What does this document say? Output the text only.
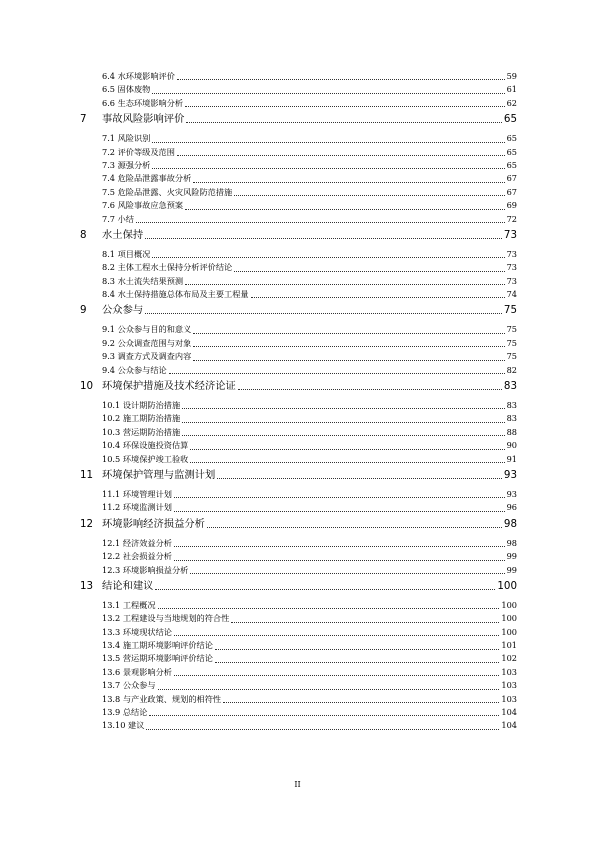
6.4 水环境影响评价	59
6.5 固体废物	61
6.6 生态环境影响分析	62
7	事故风险影响评价	65
7.1 风险识别	65
7.2 评价等级及范围	65
7.3 源强分析	65
7.4 危险品泄露事故分析	67
7.5 危险品泄露、火灾风险防范措施	67
7.6 风险事故应急预案	69
7.7 小结	72
8	水土保持	73
8.1 项目概况	73
8.2 主体工程水土保持分析评价结论	73
8.3 水土流失结果预测	73
8.4 水土保持措施总体布局及主要工程量	74
9	公众参与	75
9.1 公众参与目的和意义	75
9.2 公众调查范围与对象	75
9.3 调查方式及调查内容	75
9.4 公众参与结论	82
10 环境保护措施及技术经济论证	83
10.1 设计期防治措施	83
10.2 施工期防治措施	83
10.3 营运期防治措施	88
10.4 环保设施投资估算	90
10.5 环境保护竣工验收	91
11 环境保护管理与监测计划	93
11.1 环境管理计划	93
11.2 环境监测计划	96
12 环境影响经济损益分析	98
12.1 经济效益分析	98
12.2 社会损益分析	99
12.3 环境影响损益分析	99
13 结论和建议	100
13.1 工程概况	100
13.2 工程建设与当地规划的符合性	100
13.3 环境现状结论	100
13.4 施工期环境影响评价结论	101
13.5 营运期环境影响评价结论	102
13.6 景观影响分析	103
13.7 公众参与	103
13.8 与产业政策、规划的相符性	103
13.9 总结论	104
13.10 建议	104
II
